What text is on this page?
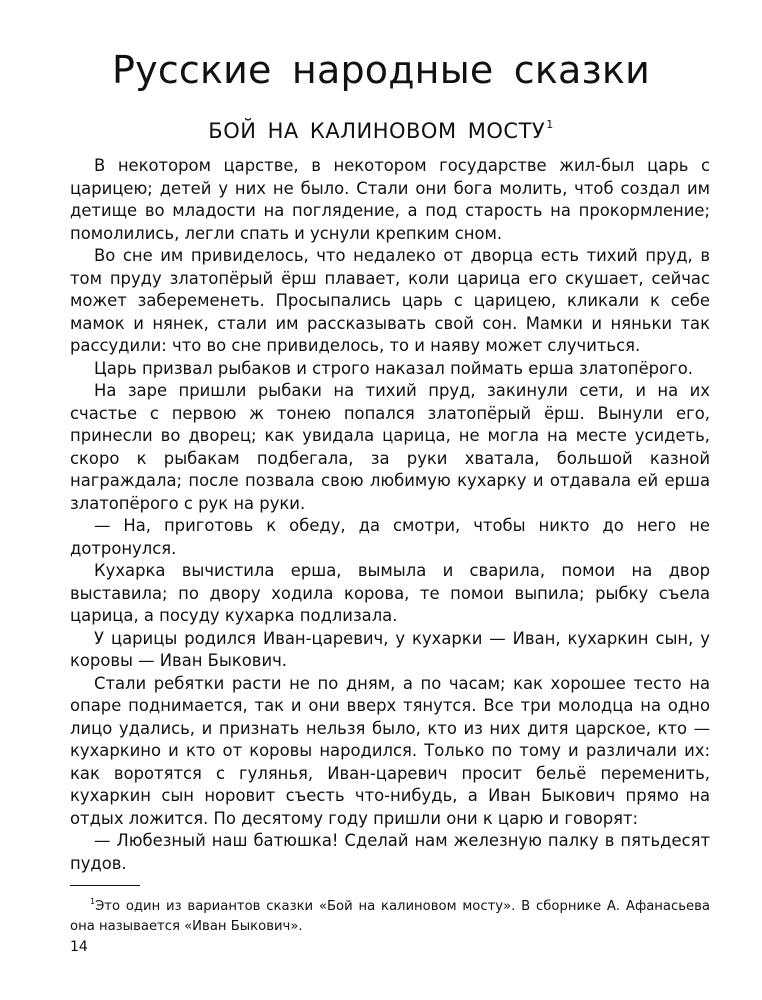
Русские народные сказки
БОЙ НА КАЛИНОВОМ МОСТУ$^1$

В некотором царстве, в некотором государстве жил-был царь с царицею; детей у них не было. Стали они бога молить, чтоб создал им детище во младости на поглядение, а под старость на прокормление; помолились, легли спать и уснули крепким сном.

Во сне им привиделось, что недалеко от дворца есть тихий пруд, в том пруду златопёрый ёрш плавает, коли царица его скушает, сейчас может забеременеть. Просыпались царь с царицею, кликали к себе мамок и нянек, стали им рассказывать свой сон. Мамки и няньки так рассудили: что во сне привиделось, то и наяву может случиться.

Царь призвал рыбаков и строго наказал поймать ерша златопёрого.

На заре пришли рыбаки на тихий пруд, закинули сети, и на их счастье с первою ж тонею попался златопёрый ёрш. Вынули его, принесли во дворец; как увидала царица, не могла на месте усидеть, скоро к рыбакам подбегала, за руки хватала, большой казной награждала; после позвала свою любимую кухарку и отдавала ей ерша златопёрого с рук на руки.

— На, приготовь к обеду, да смотри, чтобы никто до него не дотронулся.

Кухарка вычистила ерша, вымыла и сварила, помои на двор выставила; по двору ходила корова, те помои выпила; рыбку съела царица, а посуду кухарка подлизала.

У царицы родился Иван-царевич, у кухарки — Иван, кухаркин сын, у коровы — Иван Быкович.

Стали ребятки расти не по дням, а по часам; как хорошее тесто на опаре поднимается, так и они вверх тянутся. Все три молодца на одно лицо удались, и признать нельзя было, кто из них дитя царское, кто — кухаркино и кто от коровы народился. Только по тому и различали их: как воротятся с гулянья, Иван-царевич просит бельё переменить, кухаркин сын норовит съесть что-нибудь, а Иван Быкович прямо на отдых ложится. По десятому году пришли они к царю и говорят:

— Любезный наш батюшка! Сделай нам железную палку в пятьдесят пудов.

$^1$Это один из вариантов сказки «Бой на калиновом мосту». В сборнике А. Афанасьева она называется «Иван Быкович».
14
